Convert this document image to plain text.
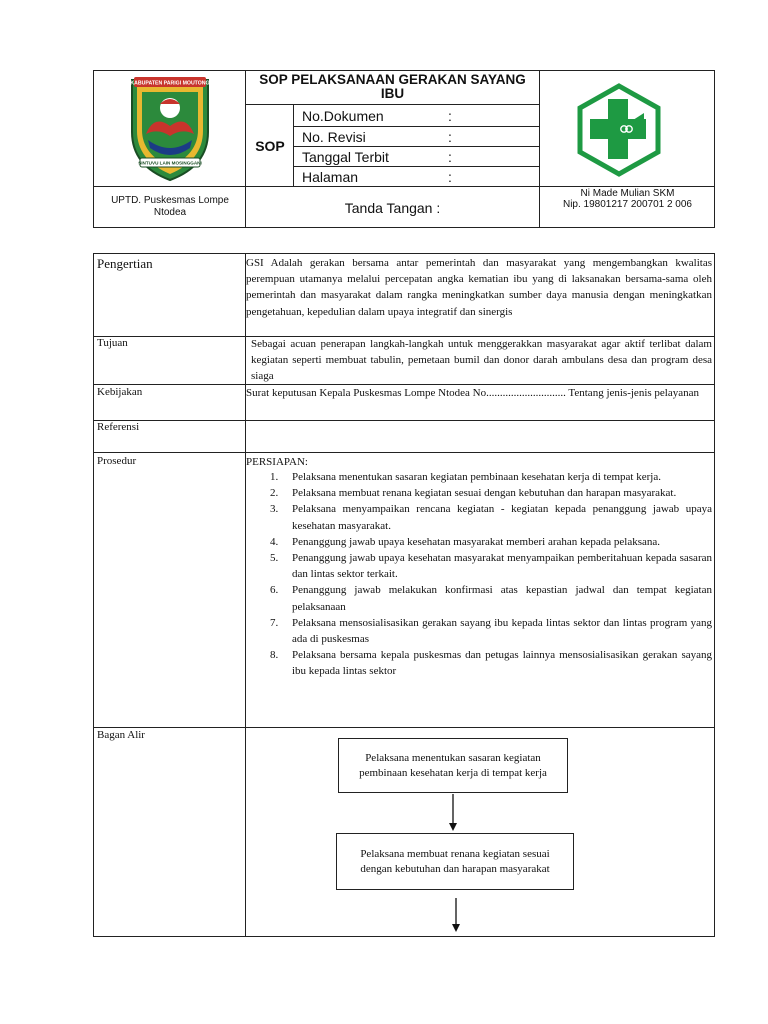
KABUPATEN PARIGI MOUTONG
SINTUVU LAIN MOSINGGANI
SOP PELAKSANAAN GERAKAN SAYANG IBU
SOP
No.Dokumen	:
No. Revisi	:
Tanggal Terbit	:
Halaman	:
UPTD. Puskesmas Lompe Ntodea	Tanda Tangan :
Ni Made Mulian SKM
Nip. 19801217 200701 2 006
Pengertian	GSI Adalah gerakan bersama antar pemerintah dan masyarakat yang mengembangkan kwalitas perempuan utamanya melalui percepatan angka kematian ibu yang di laksanakan bersama-sama oleh pemerintah dan masyarakat dalam rangka meningkatkan sumber daya manusia dengan meningkatkan pengetahuan, kepedulian dalam upaya integratif dan sinergis
Tujuan	Sebagai acuan penerapan langkah-langkah untuk menggerakkan masyarakat agar aktif terlibat dalam kegiatan seperti membuat tabulin, pemetaan bumil dan donor darah ambulans desa dan program desa siaga
Kebijakan	Surat keputusan Kepala Puskesmas Lompe Ntodea No............................. Tentang jenis-jenis pelayanan
Referensi
Prosedur	PERSIAPAN:
1. Pelaksana menentukan sasaran kegiatan pembinaan kesehatan kerja di tempat kerja.
2. Pelaksana membuat renana kegiatan sesuai dengan kebutuhan dan harapan masyarakat.
3. Pelaksana menyampaikan rencana kegiatan - kegiatan kepada penanggung jawab upaya kesehatan masyarakat.
4. Penanggung jawab upaya kesehatan masyarakat memberi arahan kepada pelaksana.
5. Penanggung jawab upaya kesehatan masyarakat menyampaikan pemberitahuan kepada sasaran dan lintas sektor terkait.
6. Penanggung jawab melakukan konfirmasi atas kepastian jadwal dan tempat kegiatan pelaksanaan
7. Pelaksana mensosialisasikan gerakan sayang ibu kepada lintas sektor dan lintas program yang ada di puskesmas
8. Pelaksana bersama kepala puskesmas dan petugas lainnya mensosialisasikan gerakan sayang ibu kepada lintas sektor
Bagan Alir
Pelaksana menentukan sasaran kegiatan pembinaan kesehatan kerja di tempat kerja
Pelaksana membuat renana kegiatan sesuai dengan kebutuhan dan harapan masyarakat
